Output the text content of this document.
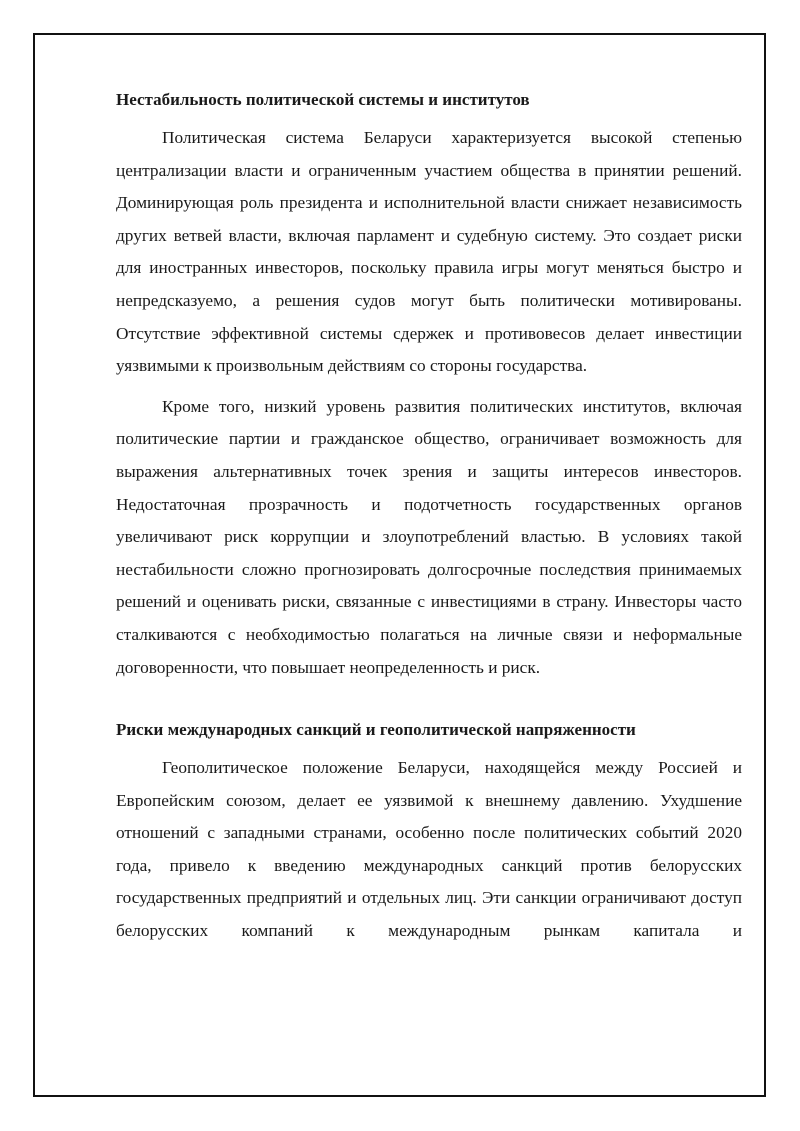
Нестабильность политической системы и институтов

Политическая система Беларуси характеризуется высокой степенью централизации власти и ограниченным участием общества в принятии решений. Доминирующая роль президента и исполнительной власти снижает независимость других ветвей власти, включая парламент и судебную систему. Это создает риски для иностранных инвесторов, поскольку правила игры могут меняться быстро и непредсказуемо, а решения судов могут быть политически мотивированы. Отсутствие эффективной системы сдержек и противовесов делает инвестиции уязвимыми к произвольным действиям со стороны государства.

Кроме того, низкий уровень развития политических институтов, включая политические партии и гражданское общество, ограничивает возможность для выражения альтернативных точек зрения и защиты интересов инвесторов. Недостаточная прозрачность и подотчетность государственных органов увеличивают риск коррупции и злоупотреблений властью. В условиях такой нестабильности сложно прогнозировать долгосрочные последствия принимаемых решений и оценивать риски, связанные с инвестициями в страну. Инвесторы часто сталкиваются с необходимостью полагаться на личные связи и неформальные договоренности, что повышает неопределенность и риск.

Риски международных санкций и геополитической напряженности

Геополитическое положение Беларуси, находящейся между Россией и Европейским союзом, делает ее уязвимой к внешнему давлению. Ухудшение отношений с западными странами, особенно после политических событий 2020 года, привело к введению международных санкций против белорусских государственных предприятий и отдельных лиц. Эти санкции ограничивают доступ белорусских компаний к международным рынкам капитала и
